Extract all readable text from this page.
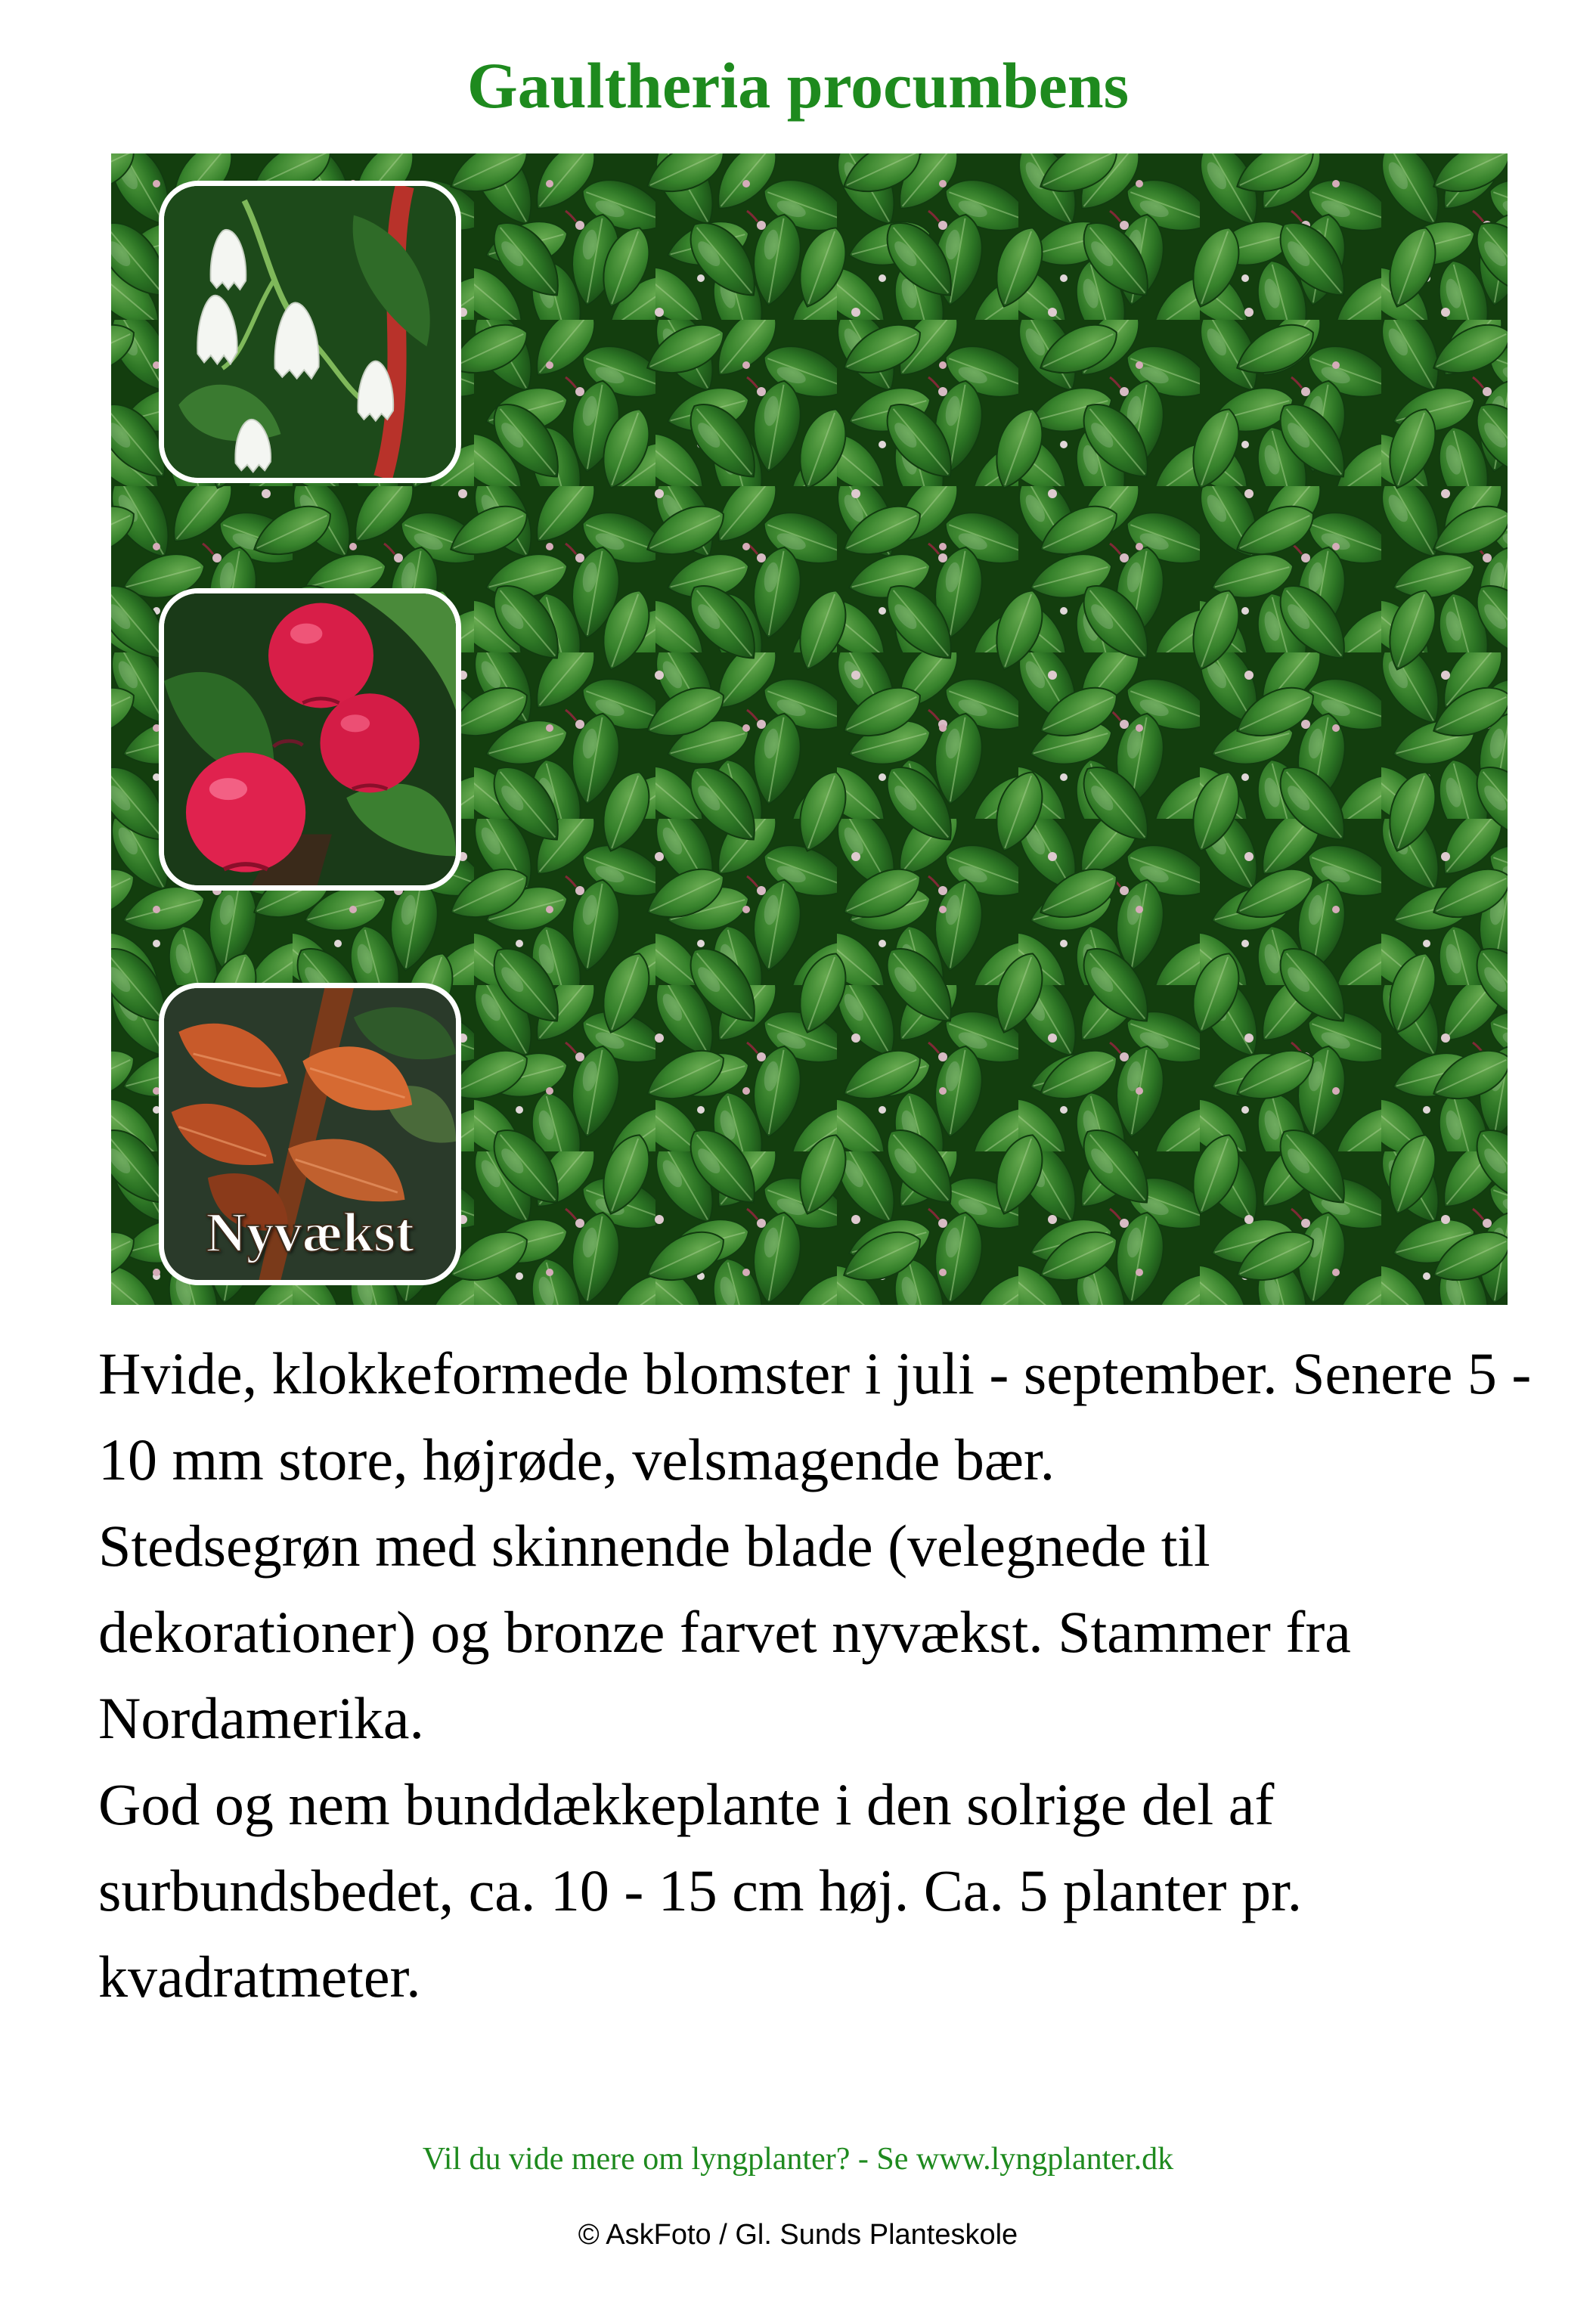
Gaultheria procumbens
Nyvækst

Hvide, klokkeformede blomster i juli - september. Senere 5 - 10 mm store, højrøde, velsmagende bær.

Stedsegrøn med skinnende blade (velegnede til dekorationer) og bronze farvet nyvækst. Stammer fra Nordamerika.

God og nem bunddækkeplante i den solrige del af surbundsbedet, ca. 10 - 15 cm høj. Ca. 5 planter pr. kvadratmeter.

Vil du vide mere om lyngplanter? - Se www.lyngplanter.dk
© AskFoto / Gl. Sunds Planteskole
